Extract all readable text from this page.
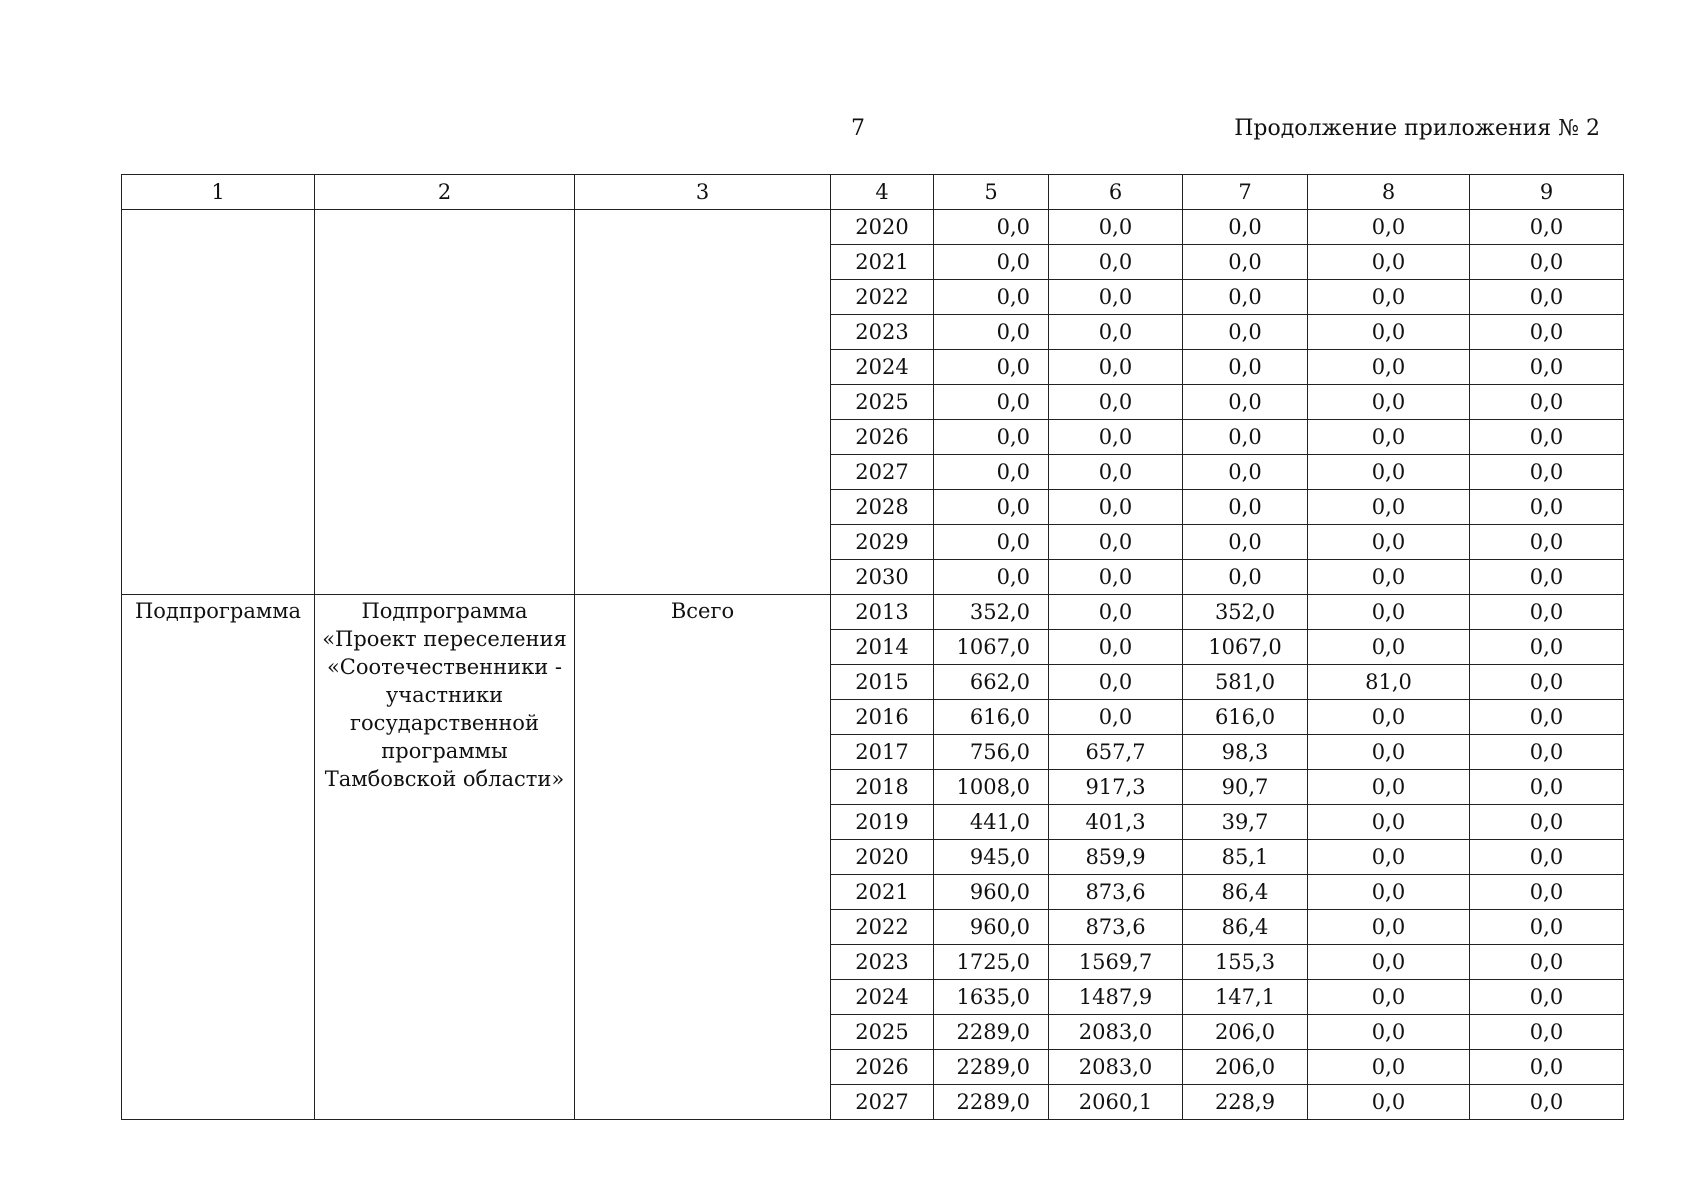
7	Продолжение приложения № 2
1	2	3	4	5	6	7	8	9
			2020	0,0	0,0	0,0	0,0	0,0
			2021	0,0	0,0	0,0	0,0	0,0
			2022	0,0	0,0	0,0	0,0	0,0
			2023	0,0	0,0	0,0	0,0	0,0
			2024	0,0	0,0	0,0	0,0	0,0
			2025	0,0	0,0	0,0	0,0	0,0
			2026	0,0	0,0	0,0	0,0	0,0
			2027	0,0	0,0	0,0	0,0	0,0
			2028	0,0	0,0	0,0	0,0	0,0
			2029	0,0	0,0	0,0	0,0	0,0
			2030	0,0	0,0	0,0	0,0	0,0
Подпрограмма	Подпрограмма «Проект переселения «Соотечественники - участники государственной программы Тамбовской области»	Всего	2013	352,0	0,0	352,0	0,0	0,0
			2014	1067,0	0,0	1067,0	0,0	0,0
			2015	662,0	0,0	581,0	81,0	0,0
			2016	616,0	0,0	616,0	0,0	0,0
			2017	756,0	657,7	98,3	0,0	0,0
			2018	1008,0	917,3	90,7	0,0	0,0
			2019	441,0	401,3	39,7	0,0	0,0
			2020	945,0	859,9	85,1	0,0	0,0
			2021	960,0	873,6	86,4	0,0	0,0
			2022	960,0	873,6	86,4	0,0	0,0
			2023	1725,0	1569,7	155,3	0,0	0,0
			2024	1635,0	1487,9	147,1	0,0	0,0
			2025	2289,0	2083,0	206,0	0,0	0,0
			2026	2289,0	2083,0	206,0	0,0	0,0
			2027	2289,0	2060,1	228,9	0,0	0,0
